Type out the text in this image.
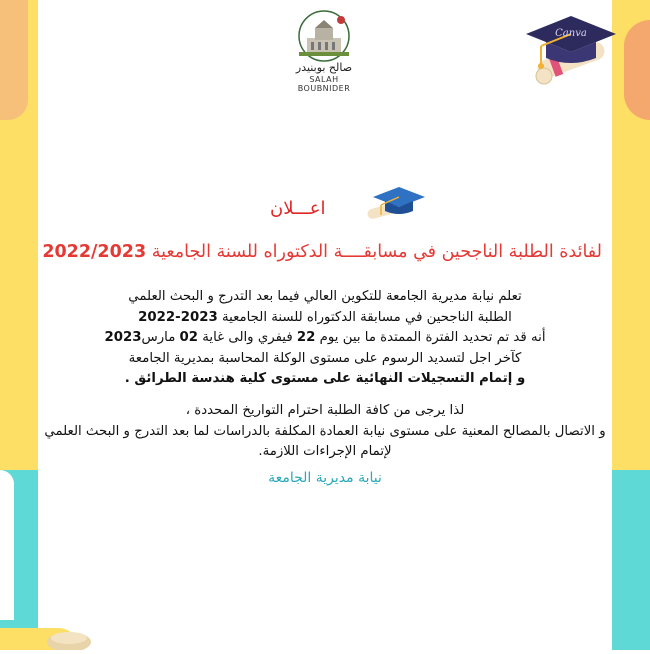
صالح بوبنيدر
SALAH BOUBNIDER
Canva
اعـــلان
لفائدة الطلبة الناجحين في مسابقــــة الدكتوراه للسنة الجامعية 2022/2023

تعلم نيابة مديرية الجامعة للتكوين العالي فيما بعد التدرج و البحث العلمي

الطلبة الناجحين في مسابقة الدكتوراه للسنة الجامعية 2023-2022

أنه قد تم تحديد الفترة الممتدة ما بين يوم 22 فيفري والى غاية 02 مارس2023

كآخر اجل لتسديد الرسوم على مستوى الوكلة المحاسبة بمديرية الجامعة

و إتمام التسجيلات النهائية على مستوى كلية هندسة الطرائق .

لذا يرجى من كافة الطلبة احترام التواريخ المحددة ،

و الاتصال بالمصالح المعنية على مستوى نيابة العمادة المكلفة بالدراسات لما بعد التدرج و البحث العلمي

لإتمام الإجراءات اللازمة.

نيابة مديرية الجامعة
